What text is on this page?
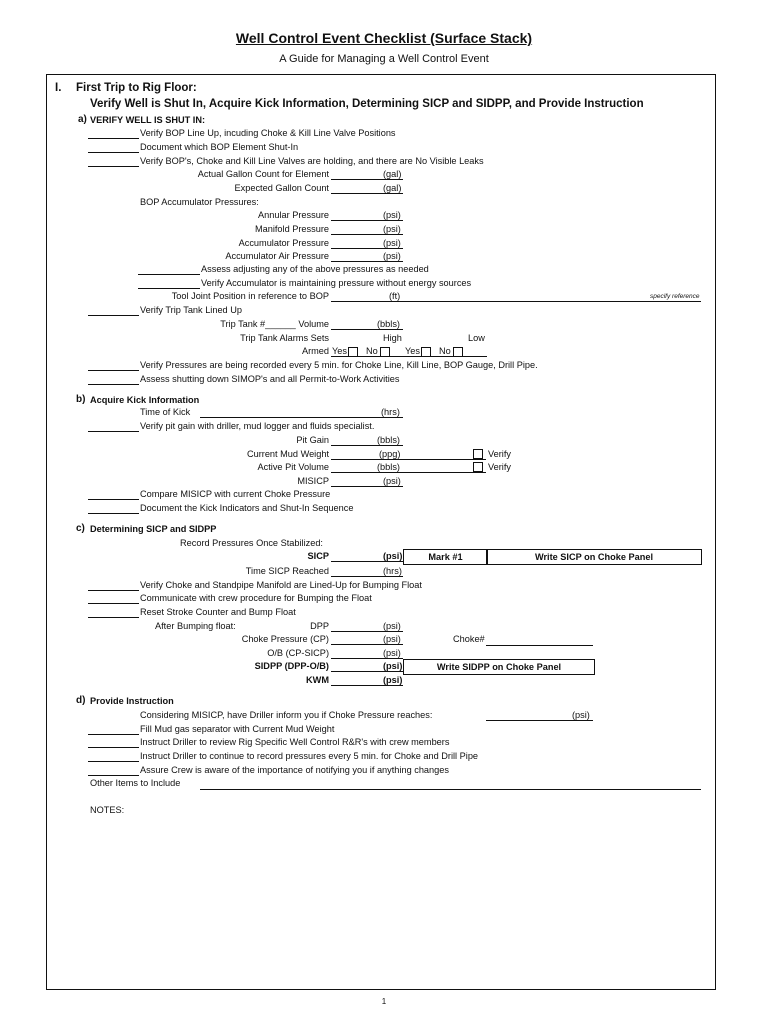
Well Control Event Checklist (Surface Stack)
A Guide for Managing a Well Control Event
I. First Trip to Rig Floor:
Verify Well is Shut In, Acquire Kick Information, Determining SICP and SIDPP, and Provide Instruction
a) VERIFY WELL IS SHUT IN:
Verify BOP Line Up, incuding Choke & Kill Line Valve Positions
Document which BOP Element Shut-In
Verify BOP's, Choke and Kill Line Valves are holding, and there are No Visible Leaks
Actual Gallon Count for Element	(gal)
Expected Gallon Count	(gal)
BOP Accumulator Pressures:
Annular Pressure	(psi)
Manifold Pressure	(psi)
Accumulator Pressure	(psi)
Accumulator Air Pressure	(psi)
Assess adjusting any of the above pressures as needed
Verify Accumulator is maintaining pressure without energy sources
Tool Joint Position in reference to BOP	(ft)	specify reference
Verify Trip Tank Lined Up
Trip Tank #______ Volume	(bbls)
Trip Tank Alarms Sets	High	Low
Armed Yes No	Yes No
Verify Pressures are being recorded every 5 min. for Choke Line, Kill Line, BOP Gauge, Drill Pipe.
Assess shutting down SIMOP's and all Permit-to-Work Activities
b) Acquire Kick Information
Time of Kick	(hrs)
Verify pit gain with driller, mud logger and fluids specialist.
Pit Gain	(bbls)
Current Mud Weight	(ppg)	Verify
Active Pit Volume	(bbls)	Verify
MISICP	(psi)
Compare MISICP with current Choke Pressure
Document the Kick Indicators and Shut-In Sequence
c) Determining SICP and SIDPP
Record Pressures Once Stabilized:
SICP	(psi)	Mark #1	Write SICP on Choke Panel
Time SICP Reached	(hrs)
Verify Choke and Standpipe Manifold are Lined-Up for Bumping Float
Communicate with crew procedure for Bumping the Float
Reset Stroke Counter and Bump Float
After Bumping float:	DPP	(psi)
Choke Pressure (CP)	(psi)	Choke#
O/B (CP-SICP)	(psi)
SIDPP (DPP-O/B)	(psi)	Write SIDPP on Choke Panel
KWM	(psi)
d) Provide Instruction
Considering MISICP, have Driller inform you if Choke Pressure reaches:	(psi)
Fill Mud gas separator with Current Mud Weight
Instruct Driller to review Rig Specific Well Control R&R's with crew members
Instruct Driller to continue to record pressures every 5 min. for Choke and Drill Pipe
Assure Crew is aware of the importance of notifying you if anything changes
Other Items to Include
NOTES:
1
